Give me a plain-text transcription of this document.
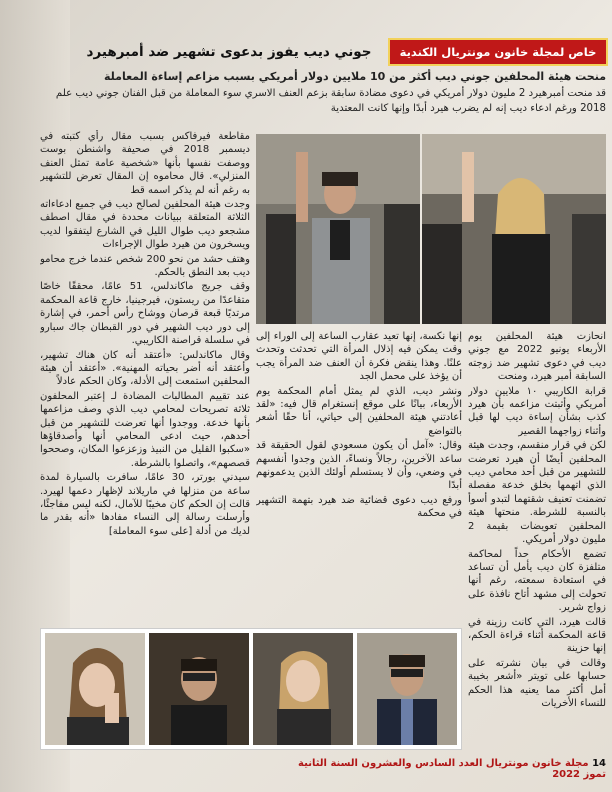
خاص لمجلة خانون مونتريال الكندية
جوني ديب يفوز بدعوى تشهير ضد أمبرهيرد
منحت هيئة المحلفين جوني ديب أكثر من 10 ملايين دولار أمريكي بسبب مزاعم إساءة المعاملة
قد منحت أمبرهيرد 2 مليون دولار أمريكي في دعوى مضادة سابقة بزعم العنف الاسري سوء المعاملة من قبل الفنان جوني ديب علم 2018 ورغم ادعاء ديب إنه لم يضرب هيرد أبدًا وإنها كانت المعتدية

انحازت هيئة المحلفين يوم الأربعاء يونيو 2022 مع جوني ديب في دعوى تشهير ضد زوجته السابقة أمبر هيرد، ومنحت

قرابة الكاريبي ١٠ ملايين دولار أمريكي وأثبتت مزاعمه بأن هيرد كذب بشأن إساءة ديب لها قبل وأثناء زواجهما القصير

لكن في قرار منقسم، وجدت هيئة المحلفين أيضًا أن هيرد تعرضت للتشهير من قبل أحد محامي ديب الذي اتهمها بخلق خدعة مفصلة تضمنت تعنيف شقتهما لتبدو أسوأ بالنسبة للشرطة. منحتها هيئة المحلفين تعويضات بقيمة 2 مليون دولار أمريكي.

تضمع الأحكام حداً لمحاكمة متلفزة كان ديب يأمل أن تساعد في استعادة سمعته، رغم أنها تحولت إلى مشهد أتاح نافذة على زواج شرير.

قالت هيرد، التي كانت رزينة في قاعة المحكمة أثناء قراءة الحكم، إنها حزينة

وقالت في بيان نشرته على حسابها على تويتر «أشعر بخيبة أمل أكثر مما يعنيه هذا الحكم للنساء الأخريات

إنها نكسة، إنها تعيد عقارب الساعة إلى الوراء إلى وقت يمكن فيه إذلال المرأة التي تحدثت وتحدث علنًا. وهذا ينقض فكرة أن العنف ضد المرأة يجب أن يؤخذ على محمل الجد

ونشر ديب، الذي لم يمثل أمام المحكمة يوم الأربعاء، بيانًا على موقع إنستغرام قال فيه: «لقد أعادتني هيئة المحلفين إلى حياتي، أنا حقًا أشعر بالتواضع

وقال: «آمل أن يكون مسعودي لقول الحقيقة قد ساعد الآخرين، رجالاً ونساءً، الذين وجدوا أنفسهم في وضعي، وأن لا يستسلم أولئك الذين يدعمونهم أبدًا

ورفع ديب دعوى قضائية ضد هيرد بتهمة التشهير في محكمة

مقاطعة فيرفاكس بسبب مقال رأي كتبته في ديسمبر 2018 في صحيفة واشنطن بوست ووصفت نفسها بأنها «شخصية عامة تمثل العنف المنزلي». قال محاموه إن المقال تعرض للتشهير به رغم أنه لم يذكر اسمه قط

وجدت هيئة المحلفين لصالح ديب في جميع ادعاءاته الثلاثة المتعلقة ببيانات محددة في مقال اصطف مشجعو ديب طوال الليل في الشارع ليتفقوا لديب ويسخرون من هيرد طوال الإجراءات

وهتف حشد من نحو 200 شخص عندما خرج محامو ديب بعد النطق بالحكم.

وقف جريج ماكاندلس، 51 عامًا، محققًا خاصًا متقاعدًا من ريستون، فيرجينيا، خارج قاعة المحكمة مرتديًا قبعة قرصان ووشاح رأس أحمر، في إشارة إلى دور ديب الشهير في دور القبطان جاك سبارو في سلسلة قراصنة الكاريبي.

وقال ماكاندلس: «أعتقد أنه كان هناك تشهير، وأعتقد أنه أضر بحياته المهنية». «أعتقد أن هيئة المحلفين استمعت إلى الأدلة، وكان الحكم عادلاً

عند تقييم المطالبات المضادة لـ إعتبر المحلفون ثلاثة تصريحات لمحامي ديب الذي وصف مزاعمها بأنها خدعة. ووجدوا أنها تعرضت للتشهير من قبل أحدهم، حيث ادعى المحامي أنها وأصدقاؤها «سكبوا القليل من النبيذ وزعزعوا المكان، وصححوا قصصهم»، واتصلوا بالشرطة.

سيدني بورتر، 30 عامًا، سافرت بالسيارة لمدة ساعة من منزلها في ماريلاند لإظهار دعمها لهيرد. قالت إن الحكم كان مخيبًا للآمال، لكنه ليس مفاجئًا، وأرسلت رسالة إلى النساء مفادها «أنه بقدر ما لديك من أدلة [على سوء المعاملة]

14 مجلة خانون مونتريال العدد السادس والعشرون السنة الثانية تموز 2022
